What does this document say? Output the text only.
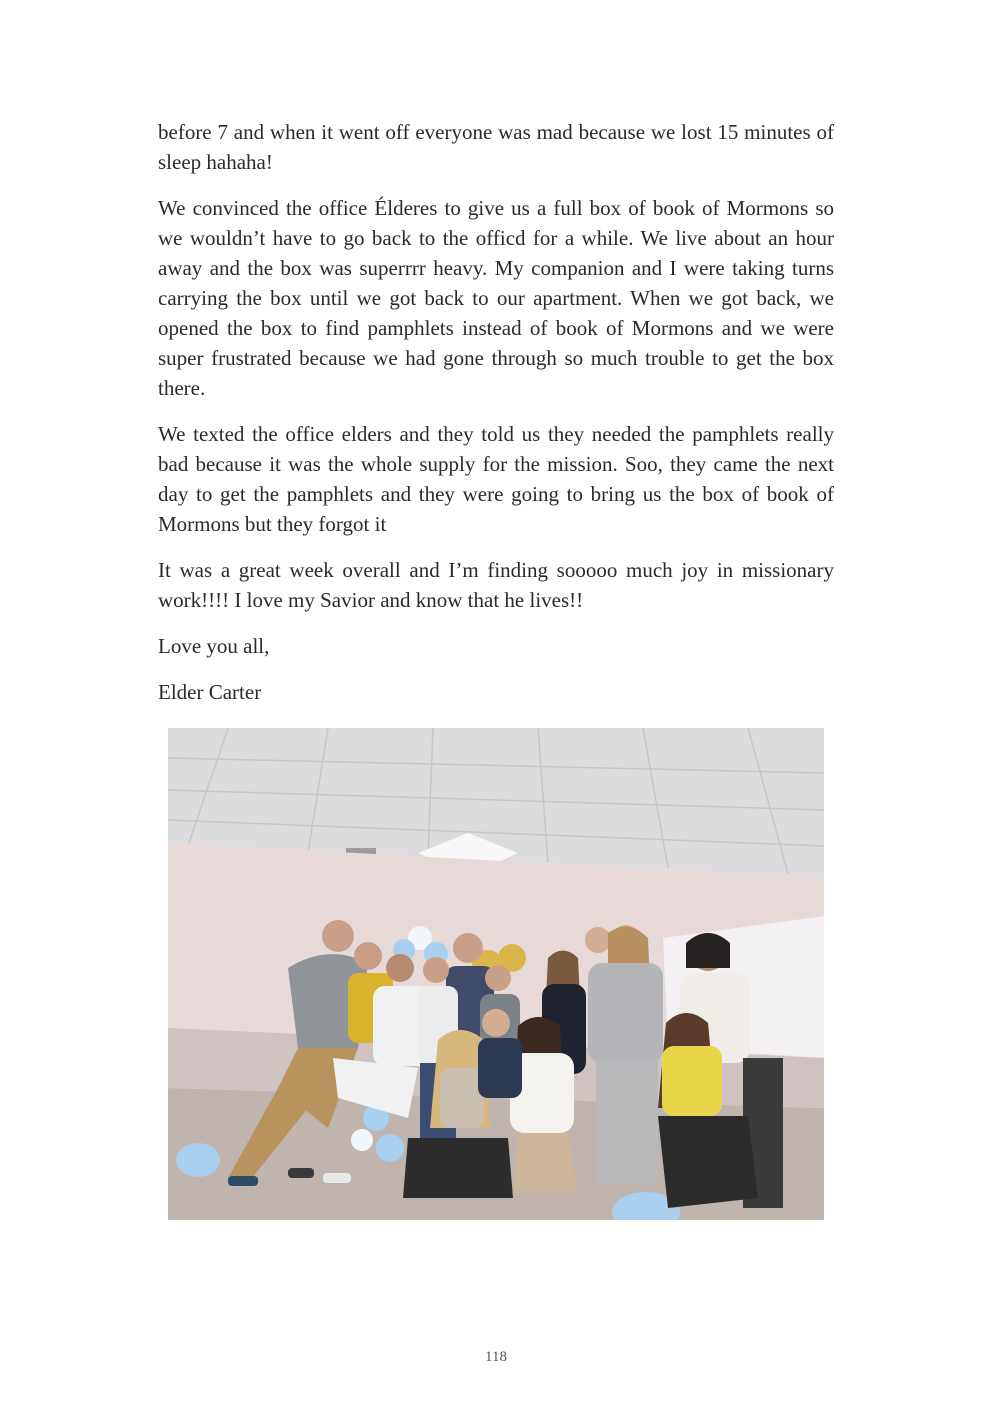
before 7 and when it went off everyone was mad because we lost 15 minutes of sleep hahaha!

We convinced the office Élderes to give us a full box of book of Mormons so we wouldn’t have to go back to the officd for a while. We live about an hour away and the box was superrrr heavy. My companion and I were taking turns carrying the box until we got back to our apartment. When we got back, we opened the box to find pamphlets instead of book of Mormons and we were super frustrated because we had gone through so much trouble to get the box there.

We texted the office elders and they told us they needed the pamphlets really bad because it was the whole supply for the mission. Soo, they came the next day to get the pamphlets and they were going to bring us the box of book of Mormons but they forgot it

It was a great week overall and I’m finding sooooo much joy in missionary work!!!! I love my Savior and know that he lives!!

Love you all,

Elder Carter

118
